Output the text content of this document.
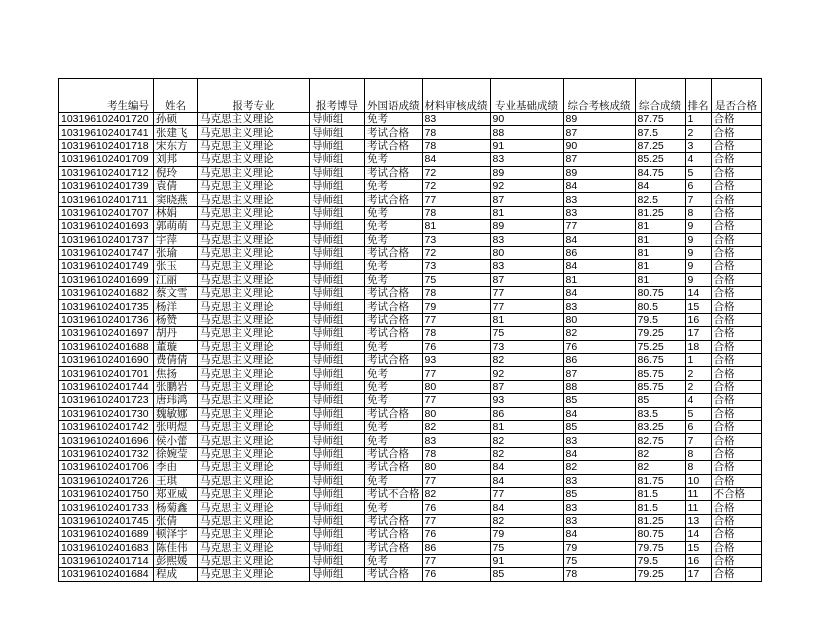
考生编号	姓名	报考专业	报考博导	外国语成绩	材料审核成绩	专业基础成绩	综合考核成绩	综合成绩	排名	是否合格
103196102401720	孙硕	马克思主义理论	导师组	免考	83	90	89	87.75	1	合格
103196102401741	张建飞	马克思主义理论	导师组	考试合格	78	88	87	87.5	2	合格
103196102401718	宋东方	马克思主义理论	导师组	考试合格	78	91	90	87.25	3	合格
103196102401709	刘邦	马克思主义理论	导师组	免考	84	83	87	85.25	4	合格
103196102401712	倪玲	马克思主义理论	导师组	考试合格	72	89	89	84.75	5	合格
103196102401739	袁倩	马克思主义理论	导师组	免考	72	92	84	84	6	合格
103196102401711	窦晓燕	马克思主义理论	导师组	考试合格	77	87	83	82.5	7	合格
103196102401707	林娟	马克思主义理论	导师组	免考	78	81	83	81.25	8	合格
103196102401693	郭萌萌	马克思主义理论	导师组	免考	81	89	77	81	9	合格
103196102401737	宇萍	马克思主义理论	导师组	免考	73	83	84	81	9	合格
103196102401747	张瑜	马克思主义理论	导师组	考试合格	72	80	86	81	9	合格
103196102401749	张玉	马克思主义理论	导师组	免考	73	83	84	81	9	合格
103196102401699	江丽	马克思主义理论	导师组	免考	75	87	81	81	9	合格
103196102401682	蔡文雪	马克思主义理论	导师组	考试合格	78	77	84	80.75	14	合格
103196102401735	杨洋	马克思主义理论	导师组	考试合格	79	77	83	80.5	15	合格
103196102401736	杨赞	马克思主义理论	导师组	考试合格	77	81	80	79.5	16	合格
103196102401697	胡丹	马克思主义理论	导师组	考试合格	78	75	82	79.25	17	合格
103196102401688	董璇	马克思主义理论	导师组	免考	76	73	76	75.25	18	合格
103196102401690	费倩倩	马克思主义理论	导师组	考试合格	93	82	86	86.75	1	合格
103196102401701	焦扬	马克思主义理论	导师组	免考	77	92	87	85.75	2	合格
103196102401744	张鹏岩	马克思主义理论	导师组	免考	80	87	88	85.75	2	合格
103196102401723	唐玮鸿	马克思主义理论	导师组	免考	77	93	85	85	4	合格
103196102401730	魏敏娜	马克思主义理论	导师组	考试合格	80	86	84	83.5	5	合格
103196102401742	张明煜	马克思主义理论	导师组	免考	82	81	85	83.25	6	合格
103196102401696	侯小蕾	马克思主义理论	导师组	免考	83	82	83	82.75	7	合格
103196102401732	徐婉莹	马克思主义理论	导师组	考试合格	78	82	84	82	8	合格
103196102401706	李由	马克思主义理论	导师组	考试合格	80	84	82	82	8	合格
103196102401726	王琪	马克思主义理论	导师组	免考	77	84	83	81.75	10	合格
103196102401750	郑亚威	马克思主义理论	导师组	考试不合格	82	77	85	81.5	11	不合格
103196102401733	杨菊鑫	马克思主义理论	导师组	免考	76	84	83	81.5	11	合格
103196102401745	张倩	马克思主义理论	导师组	考试合格	77	82	83	81.25	13	合格
103196102401689	顿泽宇	马克思主义理论	导师组	考试合格	76	79	84	80.75	14	合格
103196102401683	陈佳伟	马克思主义理论	导师组	考试合格	86	75	79	79.75	15	合格
103196102401714	彭熙媛	马克思主义理论	导师组	免考	77	91	75	79.5	16	合格
103196102401684	程成	马克思主义理论	导师组	考试合格	76	85	78	79.25	17	合格
